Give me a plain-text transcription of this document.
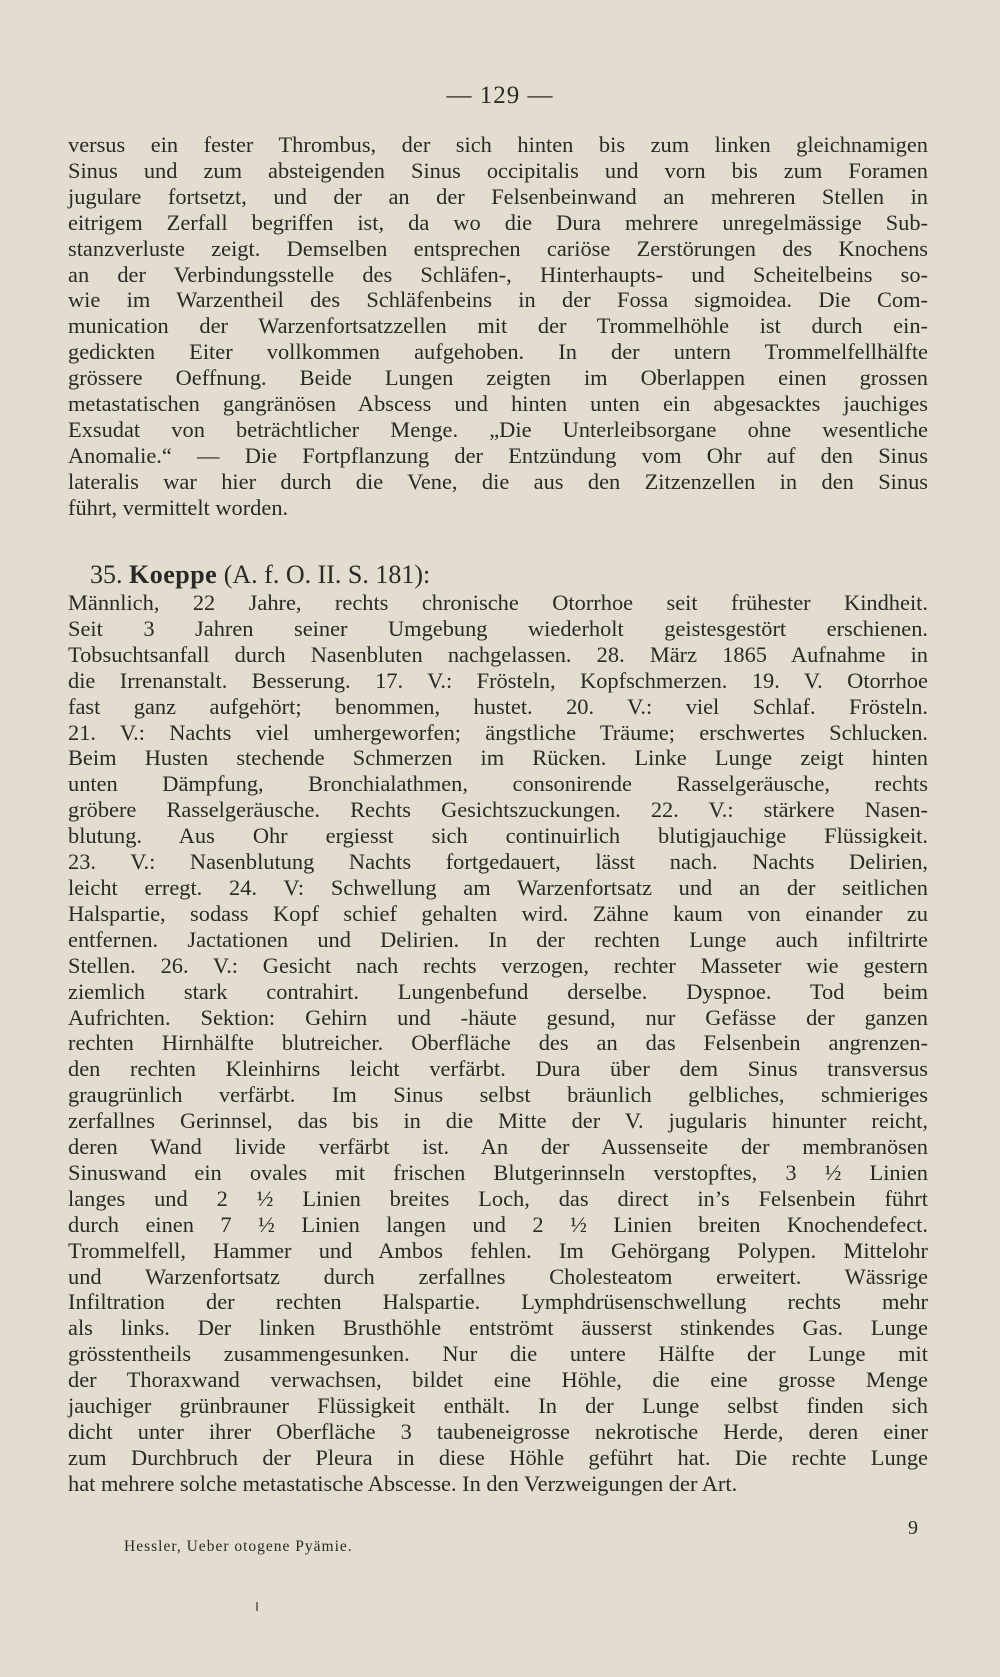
— 129 —
versus ein fester Thrombus, der sich hinten bis zum linken gleichnamigen
Sinus und zum absteigenden Sinus occipitalis und vorn bis zum Foramen
jugulare fortsetzt, und der an der Felsenbeinwand an mehreren Stellen in
eitrigem Zerfall begriffen ist, da wo die Dura mehrere unregelmässige Sub-
stanzverluste zeigt. Demselben entsprechen cariöse Zerstörungen des Knochens
an der Verbindungsstelle des Schläfen-, Hinterhaupts- und Scheitelbeins so-
wie im Warzentheil des Schläfenbeins in der Fossa sigmoidea. Die Com-
munication der Warzenfortsatzzellen mit der Trommelhöhle ist durch ein-
gedickten Eiter vollkommen aufgehoben. In der untern Trommelfellhälfte
grössere Oeffnung. Beide Lungen zeigten im Oberlappen einen grossen
metastatischen gangränösen Abscess und hinten unten ein abgesacktes jauchiges
Exsudat von beträchtlicher Menge. „Die Unterleibsorgane ohne wesentliche
Anomalie.“ — Die Fortpflanzung der Entzündung vom Ohr auf den Sinus
lateralis war hier durch die Vene, die aus den Zitzenzellen in den Sinus
führt, vermittelt worden.
35. Koeppe (A. f. O. II. S. 181):
Männlich, 22 Jahre, rechts chronische Otorrhoe seit frühester Kindheit.
Seit 3 Jahren seiner Umgebung wiederholt geistesgestört erschienen.
Tobsuchtsanfall durch Nasenbluten nachgelassen. 28. März 1865 Aufnahme in
die Irrenanstalt. Besserung. 17. V.: Frösteln, Kopfschmerzen. 19. V. Otorrhoe
fast ganz aufgehört; benommen, hustet. 20. V.: viel Schlaf. Frösteln.
21. V.: Nachts viel umhergeworfen; ängstliche Träume; erschwertes Schlucken.
Beim Husten stechende Schmerzen im Rücken. Linke Lunge zeigt hinten
unten Dämpfung, Bronchialathmen, consonirende Rasselgeräusche, rechts
gröbere Rasselgeräusche. Rechts Gesichtszuckungen. 22. V.: stärkere Nasen-
blutung. Aus Ohr ergiesst sich continuirlich blutigjauchige Flüssigkeit.
23. V.: Nasenblutung Nachts fortgedauert, lässt nach. Nachts Delirien,
leicht erregt. 24. V: Schwellung am Warzenfortsatz und an der seitlichen
Halspartie, sodass Kopf schief gehalten wird. Zähne kaum von einander zu
entfernen. Jactationen und Delirien. In der rechten Lunge auch infiltrirte
Stellen. 26. V.: Gesicht nach rechts verzogen, rechter Masseter wie gestern
ziemlich stark contrahirt. Lungenbefund derselbe. Dyspnoe. Tod beim
Aufrichten. Sektion: Gehirn und -häute gesund, nur Gefässe der ganzen
rechten Hirnhälfte blutreicher. Oberfläche des an das Felsenbein angrenzen-
den rechten Kleinhirns leicht verfärbt. Dura über dem Sinus transversus
graugrünlich verfärbt. Im Sinus selbst bräunlich gelbliches, schmieriges
zerfallnes Gerinnsel, das bis in die Mitte der V. jugularis hinunter reicht,
deren Wand livide verfärbt ist. An der Aussenseite der membranösen
Sinuswand ein ovales mit frischen Blutgerinnseln verstopftes, 3 ½ Linien
langes und 2 ½ Linien breites Loch, das direct in’s Felsenbein führt
durch einen 7 ½ Linien langen und 2 ½ Linien breiten Knochendefect.
Trommelfell, Hammer und Ambos fehlen. Im Gehörgang Polypen. Mittelohr
und Warzenfortsatz durch zerfallnes Cholesteatom erweitert. Wässrige
Infiltration der rechten Halspartie. Lymphdrüsenschwellung rechts mehr
als links. Der linken Brusthöhle entströmt äusserst stinkendes Gas. Lunge
grösstentheils zusammengesunken. Nur die untere Hälfte der Lunge mit
der Thoraxwand verwachsen, bildet eine Höhle, die eine grosse Menge
jauchiger grünbrauner Flüssigkeit enthält. In der Lunge selbst finden sich
dicht unter ihrer Oberfläche 3 taubeneigrosse nekrotische Herde, deren einer
zum Durchbruch der Pleura in diese Höhle geführt hat. Die rechte Lunge
hat mehrere solche metastatische Abscesse. In den Verzweigungen der Art.
9
Hessler, Ueber otogene Pyämie.
